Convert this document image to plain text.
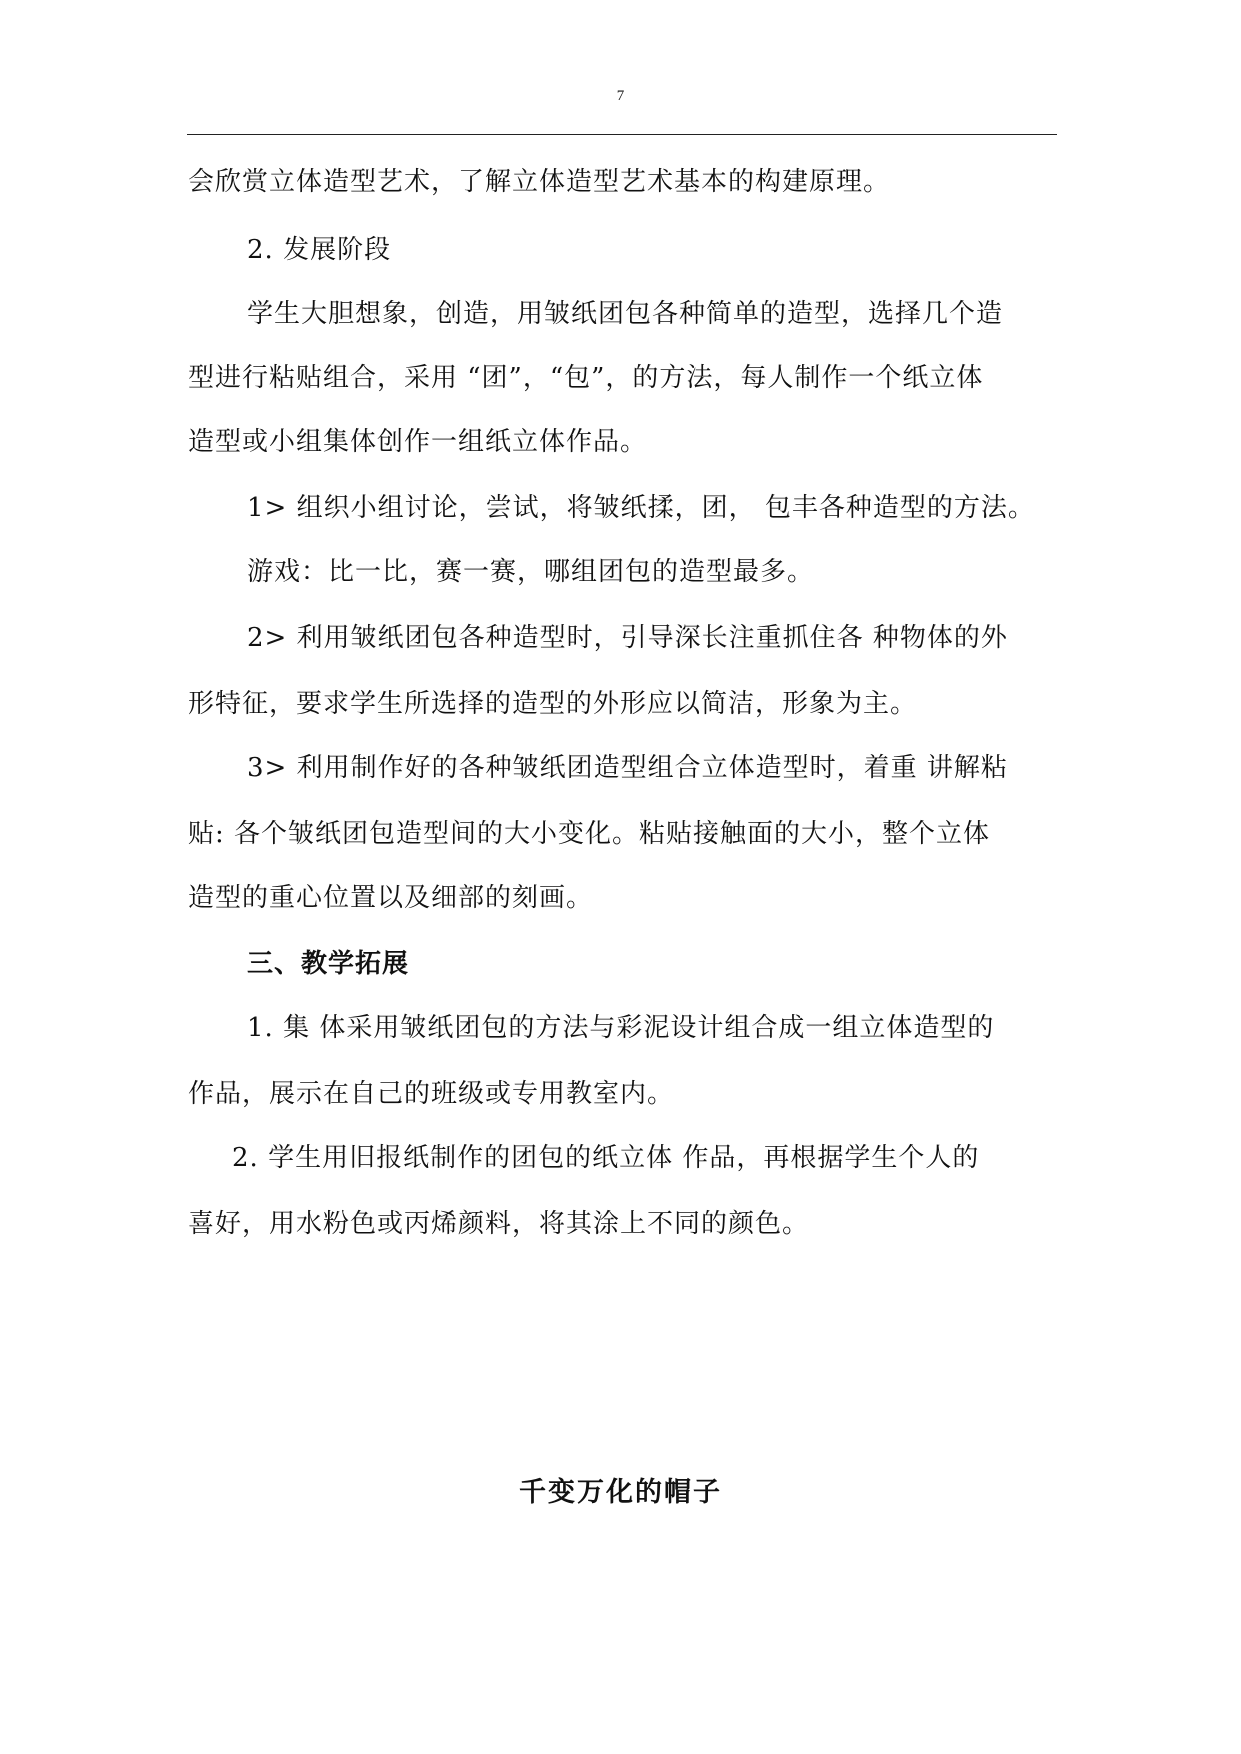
7
会欣赏立体造型艺术，了解立体造型艺术基本的构建原理。
2. 发展阶段
学生大胆想象，创造，用皱纸团包各种简单的造型，选择几个造
型进行粘贴组合，采用 “团”，“包”，的方法，每人制作一个纸立体
造型或小组集体创作一组纸立体作品。
1> 组织小组讨论，尝试，将皱纸揉，团， 包丰各种造型的方法。
游戏：比一比，赛一赛，哪组团包的造型最多。
2> 利用皱纸团包各种造型时，引导深长注重抓住各 种物体的外
形特征，要求学生所选择的造型的外形应以简洁，形象为主。
3> 利用制作好的各种皱纸团造型组合立体造型时，着重 讲解粘
贴: 各个皱纸团包造型间的大小变化。粘贴接触面的大小，整个立体
造型的重心位置以及细部的刻画。
三、教学拓展
1. 集 体采用皱纸团包的方法与彩泥设计组合成一组立体造型的
作品，展示在自己的班级或专用教室内。
2. 学生用旧报纸制作的团包的纸立体 作品，再根据学生个人的
喜好，用水粉色或丙烯颜料，将其涂上不同的颜色。
千变万化的帽子
